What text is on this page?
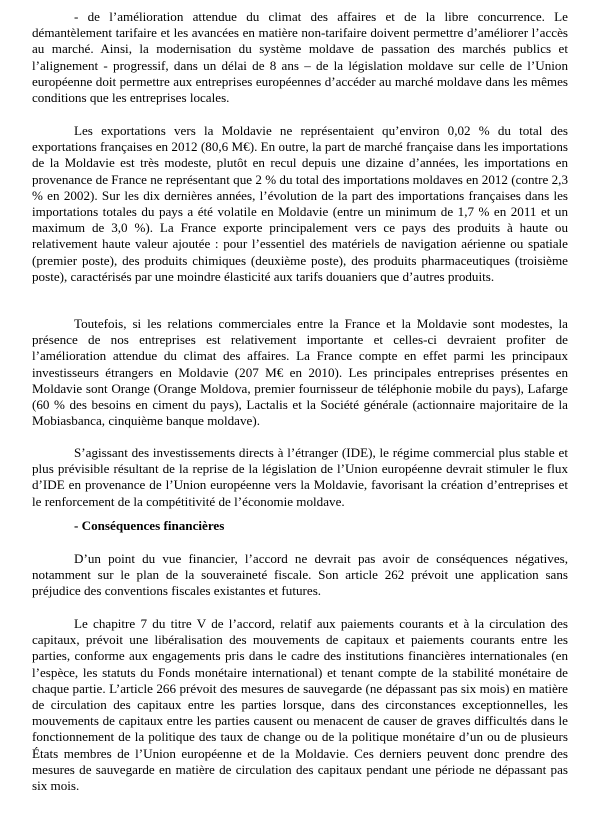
- de l’amélioration attendue du climat des affaires et de la libre concurrence. Le démantèlement tarifaire et les avancées en matière non-tarifaire doivent permettre d’améliorer l’accès au marché. Ainsi, la modernisation du système moldave de passation des marchés publics et l’alignement - progressif, dans un délai de 8 ans – de la législation moldave sur celle de l’Union européenne doit permettre aux entreprises européennes d’accéder au marché moldave dans les mêmes conditions que les entreprises locales.

Les exportations vers la Moldavie ne représentaient qu’environ 0,02 % du total des exportations françaises en 2012 (80,6 M€). En outre, la part de marché française dans les importations de la Moldavie est très modeste, plutôt en recul depuis une dizaine d’années, les importations en provenance de France ne représentant que 2 % du total des importations moldaves en 2012 (contre 2,3 % en 2002). Sur les dix dernières années, l’évolution de la part des importations françaises dans les importations totales du pays a été volatile en Moldavie (entre un minimum de 1,7 % en 2011 et un maximum de 3,0 %). La France exporte principalement vers ce pays des produits à haute ou relativement haute valeur ajoutée : pour l’essentiel des matériels de navigation aérienne ou spatiale (premier poste), des produits chimiques (deuxième poste), des produits pharmaceutiques (troisième poste), caractérisés par une moindre élasticité aux tarifs douaniers que d’autres produits.

Toutefois, si les relations commerciales entre la France et la Moldavie sont modestes, la présence de nos entreprises est relativement importante et celles-ci devraient profiter de l’amélioration attendue du climat des affaires. La France compte en effet parmi les principaux investisseurs étrangers en Moldavie (207 M€ en 2010). Les principales entreprises présentes en Moldavie sont Orange (Orange Moldova, premier fournisseur de téléphonie mobile du pays), Lafarge (60 % des besoins en ciment du pays), Lactalis et la Société générale (actionnaire majoritaire de la Mobiasbanca, cinquième banque moldave).

S’agissant des investissements directs à l’étranger (IDE), le régime commercial plus stable et plus prévisible résultant de la reprise de la législation de l’Union européenne devrait stimuler le flux d’IDE en provenance de l’Union européenne vers la Moldavie, favorisant la création d’entreprises et le renforcement de la compétitivité de l’économie moldave.

- Conséquences financières

D’un point du vue financier, l’accord ne devrait pas avoir de conséquences négatives, notamment sur le plan de la souveraineté fiscale. Son article 262 prévoit une application sans préjudice des conventions fiscales existantes et futures.

Le chapitre 7 du titre V de l’accord, relatif aux paiements courants et à la circulation des capitaux, prévoit une libéralisation des mouvements de capitaux et paiements courants entre les parties, conforme aux engagements pris dans le cadre des institutions financières internationales (en l’espèce, les statuts du Fonds monétaire international) et tenant compte de la stabilité monétaire de chaque partie. L’article 266 prévoit des mesures de sauvegarde (ne dépassant pas six mois) en matière de circulation des capitaux entre les parties lorsque, dans des circonstances exceptionnelles, les mouvements de capitaux entre les parties causent ou menacent de causer de graves difficultés dans le fonctionnement de la politique des taux de change ou de la politique monétaire d’un ou de plusieurs États membres de l’Union européenne et de la Moldavie. Ces derniers peuvent donc prendre des mesures de sauvegarde en matière de circulation des capitaux pendant une période ne dépassant pas six mois.
